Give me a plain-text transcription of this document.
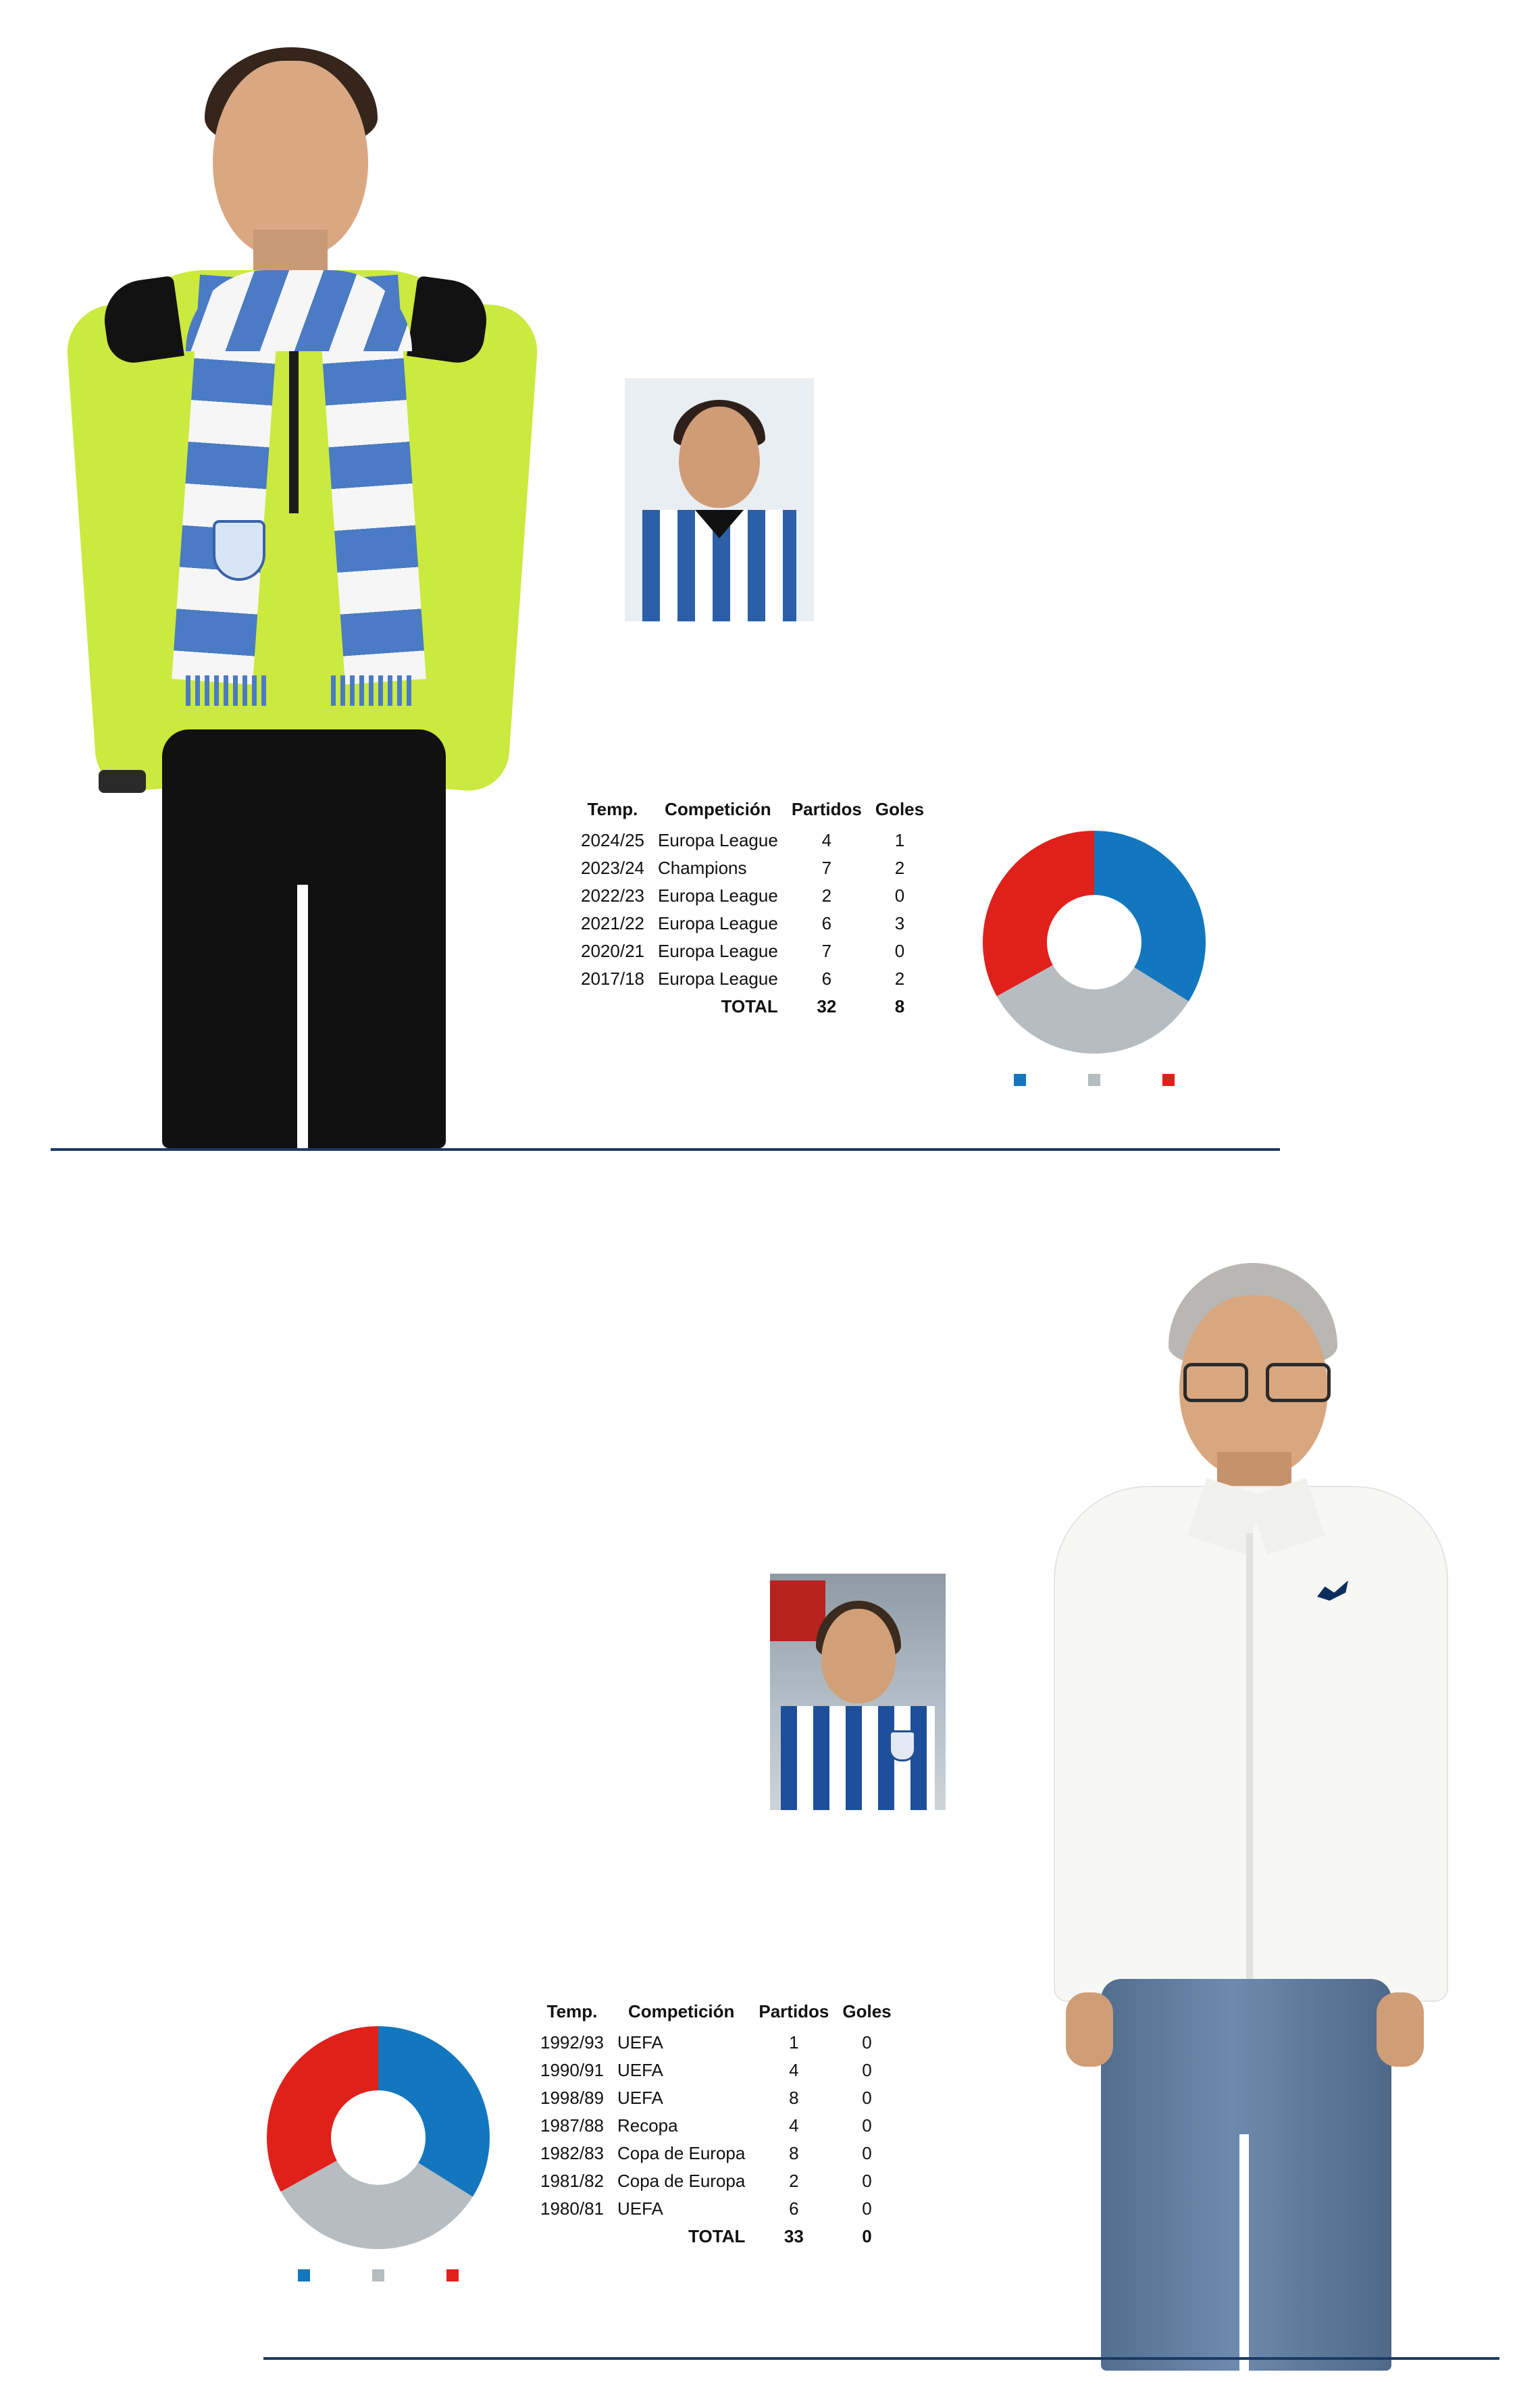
Temp.	Competición	Partidos	Goles
2024/25	Europa League	4	1
2023/24	Champions	7	2
2022/23	Europa League	2	0
2021/22	Europa League	6	3
2020/21	Europa League	7	0
2017/18	Europa League	6	2
	TOTAL	32	8
Temp.	Competición	Partidos	Goles
1992/93	UEFA	1	0
1990/91	UEFA	4	0
1998/89	UEFA	8	0
1987/88	Recopa	4	0
1982/83	Copa de Europa	8	0
1981/82	Copa de Europa	2	0
1980/81	UEFA	6	0
	TOTAL	33	0
